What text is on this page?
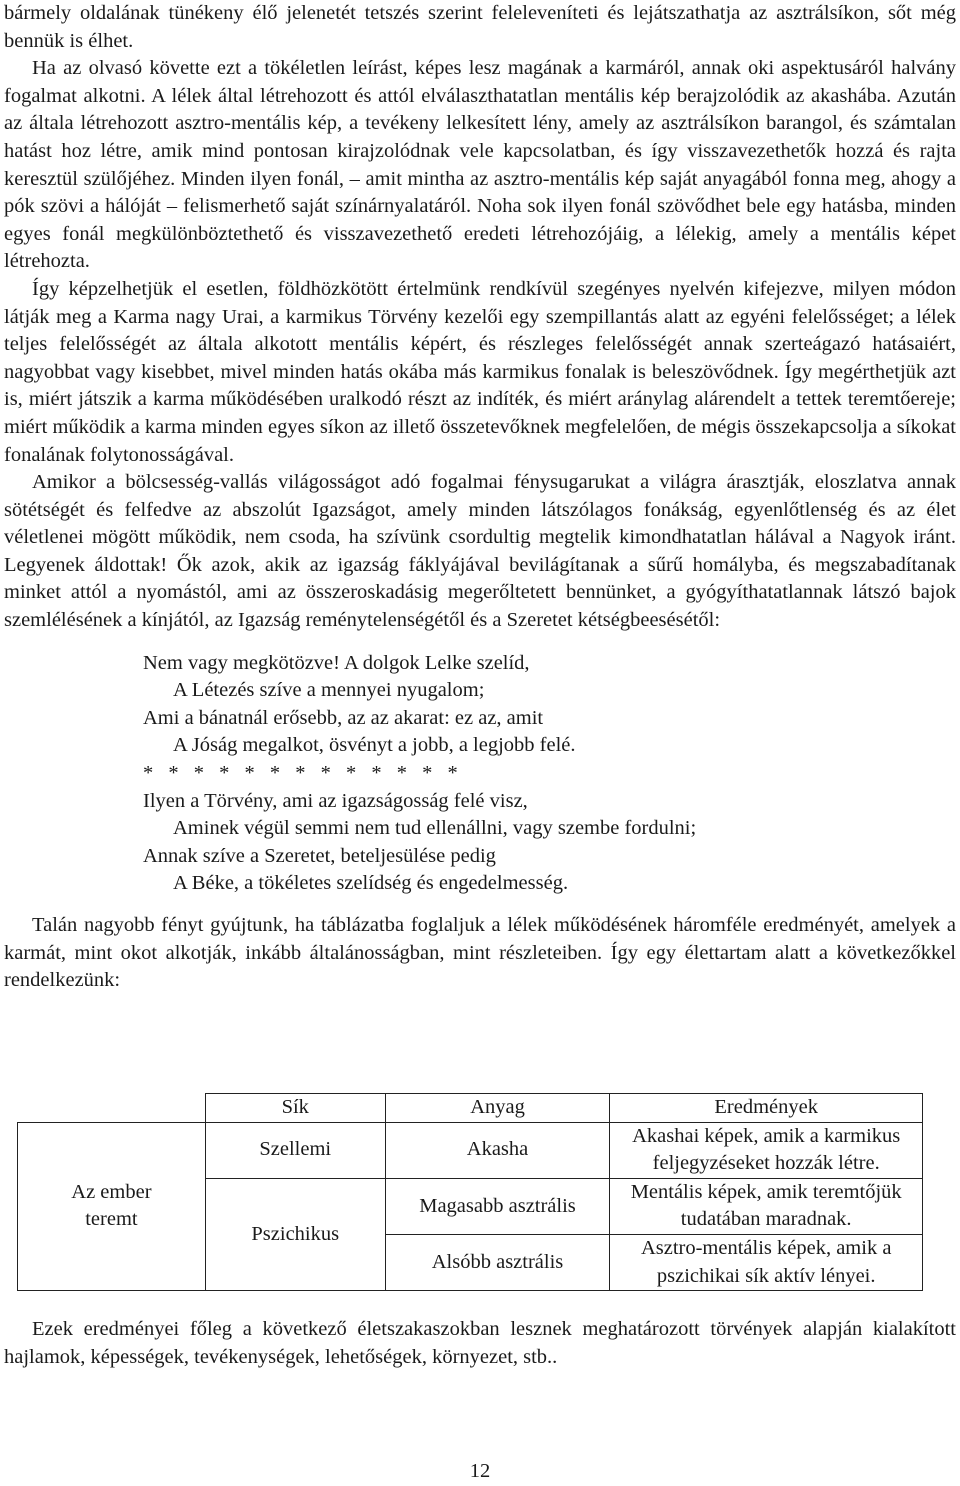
bármely oldalának tünékeny élő jelenetét tetszés szerint feleleveníteti és lejátszathatja az asztrálsíkon, sőt még bennük is élhet.

Ha az olvasó követte ezt a tökéletlen leírást, képes lesz magának a karmáról, annak oki aspektusáról halvány fogalmat alkotni. A lélek által létrehozott és attól elválaszthatatlan mentális kép berajzolódik az akashába. Azután az általa létrehozott asztro-mentális kép, a tevékeny lelkesített lény, amely az asztrálsíkon barangol, és számtalan hatást hoz létre, amik mind pontosan kirajzolódnak vele kapcsolatban, és így visszavezethetők hozzá és rajta keresztül szülőjéhez. Minden ilyen fonál, – amit mintha az asztro-mentális kép saját anyagából fonna meg, ahogy a pók szövi a hálóját – felismerhető saját színárnyalatáról. Noha sok ilyen fonál szövődhet bele egy hatásba, minden egyes fonál megkülönböztethető és visszavezethető eredeti létrehozójáig, a lélekig, amely a mentális képet létrehozta.

Így képzelhetjük el esetlen, földhözkötött értelmünk rendkívül szegényes nyelvén kifejezve, milyen módon látják meg a Karma nagy Urai, a karmikus Törvény kezelői egy szempillantás alatt az egyéni felelősséget; a lélek teljes felelősségét az általa alkotott mentális képért, és részleges felelősségét annak szerteágazó hatásaiért, nagyobbat vagy kisebbet, mivel minden hatás okába más karmikus fonalak is beleszövődnek. Így megérthetjük azt is, miért játszik a karma működésében uralkodó részt az indíték, és miért aránylag alárendelt a tettek teremtőereje; miért működik a karma minden egyes síkon az illető összetevőknek megfelelően, de mégis összekapcsolja a síkokat fonalának folytonosságával.

Amikor a bölcsesség-vallás világosságot adó fogalmai fénysugarukat a világra árasztják, eloszlatva annak sötétségét és felfedve az abszolút Igazságot, amely minden látszólagos fonákság, egyenlőtlenség és az élet véletlenei mögött működik, nem csoda, ha szívünk csordultig megtelik kimondhatatlan hálával a Nagyok iránt. Legyenek áldottak! Ők azok, akik az igazság fáklyájával bevilágítanak a sűrű homályba, és megszabadítanak minket attól a nyomástól, ami az összeroskadásig megerőltetett bennünket, a gyógyíthatatlannak látszó bajok szemlélésének a kínjától, az Igazság reménytelenségétől és a Szeretet kétségbeesésétől:

Nem vagy megkötözve! A dolgok Lelke szelíd,
A Létezés szíve a mennyei nyugalom;
Ami a bánatnál erősebb, az az akarat: ez az, amit
A Jóság megalkot, ösvényt a jobb, a legjobb felé.
* * * * * * * * * * * * *
Ilyen a Törvény, ami az igazságosság felé visz,
Aminek végül semmi nem tud ellenállni, vagy szembe fordulni;
Annak szíve a Szeretet, beteljesülése pedig
A Béke, a tökéletes szelídség és engedelmesség.

Talán nagyobb fényt gyújtunk, ha táblázatba foglaljuk a lélek működésének háromféle eredményét, amelyek a karmát, mint okot alkotják, inkább általánosságban, mint részleteiben. Így egy élettartam alatt a következőkkel rendelkezünk:

	Sík	Anyag	Eredmények
Az ember teremt	Szellemi	Akasha	Akashai képek, amik a karmikus feljegyzéseket hozzák létre.
	Pszichikus	Magasabb asztrális	Mentális képek, amik teremtőjük tudatában maradnak.
		Alsóbb asztrális	Asztro-mentális képek, amik a pszichikai sík aktív lényei.

Ezek eredményei főleg a következő életszakaszokban lesznek meghatározott törvények alapján kialakított hajlamok, képességek, tevékenységek, lehetőségek, környezet, stb..

12
